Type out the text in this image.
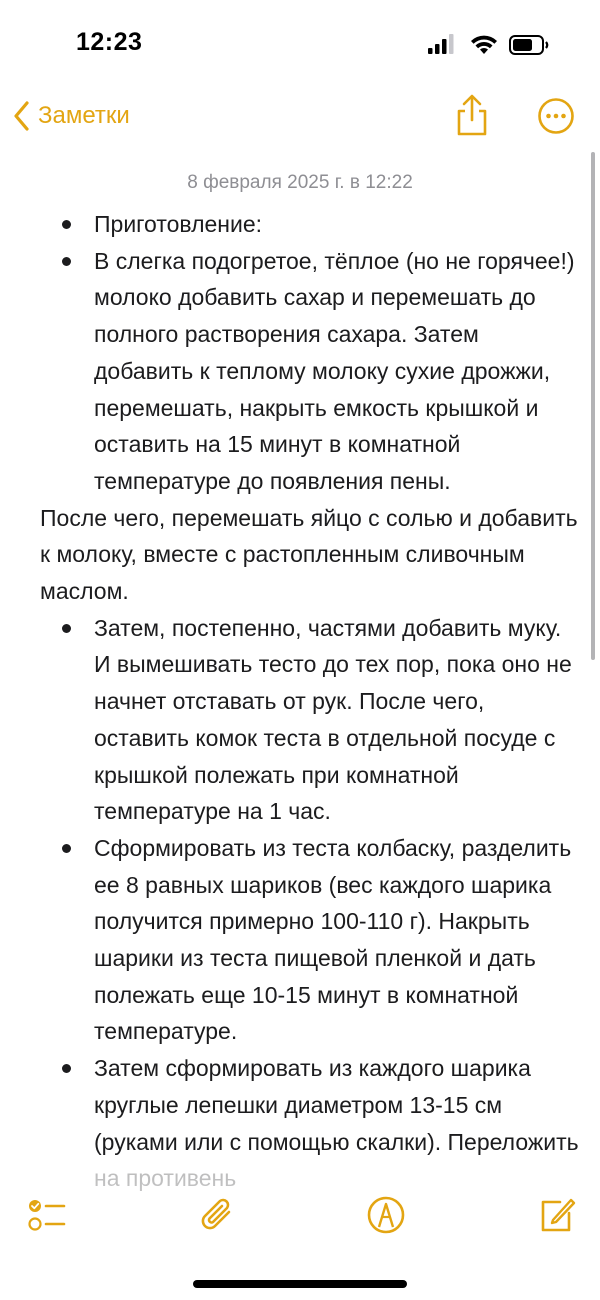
12:23
Заметки
8 февраля 2025 г. в 12:22
Приготовление:
В слегка подогретое, тёплое (но не горячее!) молоко добавить сахар и перемешать до полного растворения сахара. Затем добавить к теплому молоку сухие дрожжи, перемешать, накрыть емкость крышкой и оставить на 15 минут в комнатной температуре до появления пены.

После чего, перемешать яйцо с солью и добавить к молоку, вместе с растопленным сливочным маслом.

Затем, постепенно, частями добавить муку. И вымешивать тесто до тех пор, пока оно не начнет отставать от рук. После чего, оставить комок теста в отдельной посуде с крышкой полежать при комнатной температуре на 1 час.
Сформировать из теста колбаску, разделить ее 8 равных шариков (вес каждого шарика получится примерно 100-110 г). Накрыть шарики из теста пищевой пленкой и дать полежать еще 10-15 минут в комнатной температуре.
Затем сформировать из каждого шарика круглые лепешки диаметром 13-15 см (руками или с помощью скалки). Переложить
